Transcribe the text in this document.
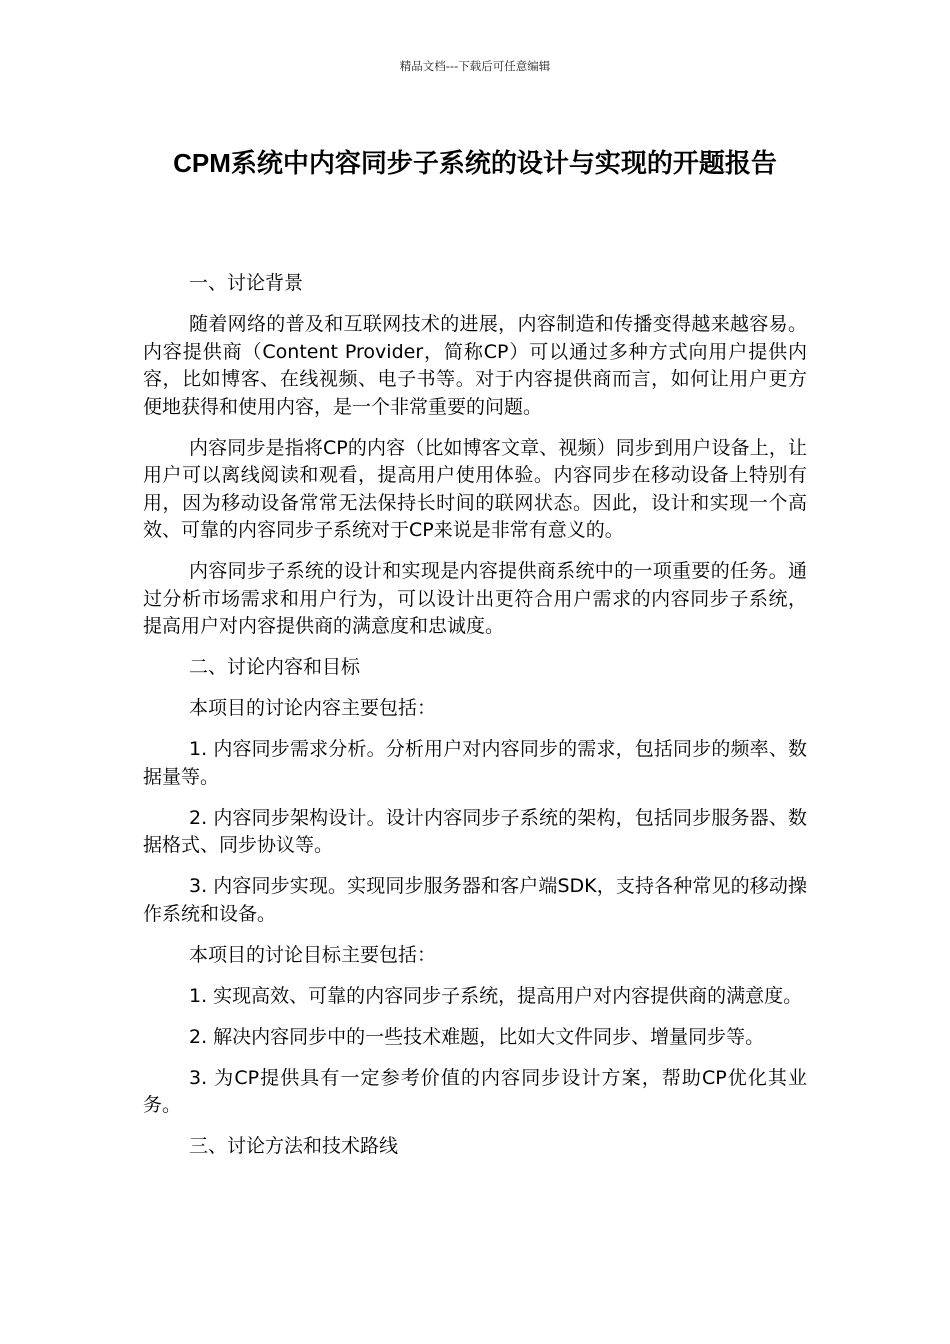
精品文档---下载后可任意编辑
CPM系统中内容同步子系统的设计与实现的开题报告

一、讨论背景

随着网络的普及和互联网技术的进展，内容制造和传播变得越来越容易。内容提供商（Content Provider，简称CP）可以通过多种方式向用户提供内容，比如博客、在线视频、电子书等。对于内容提供商而言，如何让用户更方便地获得和使用内容，是一个非常重要的问题。

内容同步是指将CP的内容（比如博客文章、视频）同步到用户设备上，让用户可以离线阅读和观看，提高用户使用体验。内容同步在移动设备上特别有用，因为移动设备常常无法保持长时间的联网状态。因此，设计和实现一个高效、可靠的内容同步子系统对于CP来说是非常有意义的。

内容同步子系统的设计和实现是内容提供商系统中的一项重要的任务。通过分析市场需求和用户行为，可以设计出更符合用户需求的内容同步子系统，提高用户对内容提供商的满意度和忠诚度。

二、讨论内容和目标

本项目的讨论内容主要包括：

1. 内容同步需求分析。分析用户对内容同步的需求，包括同步的频率、数据量等。

2. 内容同步架构设计。设计内容同步子系统的架构，包括同步服务器、数据格式、同步协议等。

3. 内容同步实现。实现同步服务器和客户端SDK，支持各种常见的移动操作系统和设备。

本项目的讨论目标主要包括：

1. 实现高效、可靠的内容同步子系统，提高用户对内容提供商的满意度。

2. 解决内容同步中的一些技术难题，比如大文件同步、增量同步等。

3. 为CP提供具有一定参考价值的内容同步设计方案，帮助CP优化其业务。

三、讨论方法和技术路线
